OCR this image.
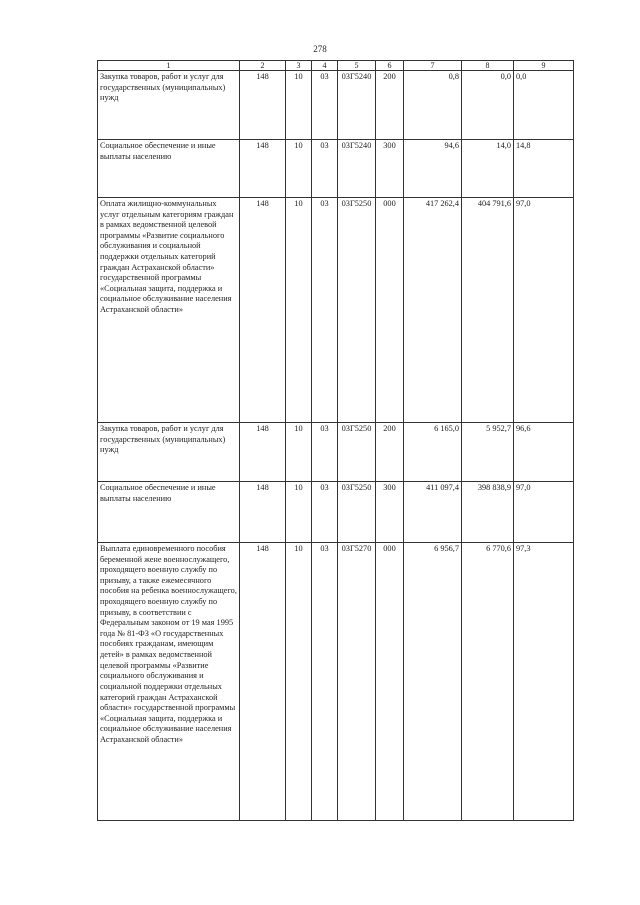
278
1	2	3	4	5	6	7	8	9
Закупка товаров, работ и услуг для государственных (муниципальных) нужд	148	10	03	03Г5240	200	0,8	0,0	0,0
Социальное обеспечение и иные выплаты населению	148	10	03	03Г5240	300	94,6	14,0	14,8
Оплата жилищно-коммунальных услуг отдельным категориям граждан в рамках ведомственной целевой программы «Развитие социального обслуживания и социальной поддержки отдельных категорий граждан Астраханской области» государственной программы «Социальная защита, поддержка и социальное обслуживание населения Астраханской области»	148	10	03	03Г5250	000	417 262,4	404 791,6	97,0
Закупка товаров, работ и услуг для государственных (муниципальных) нужд	148	10	03	03Г5250	200	6 165,0	5 952,7	96,6
Социальное обеспечение и иные выплаты населению	148	10	03	03Г5250	300	411 097,4	398 838,9	97,0
Выплата единовременного пособия беременной жене военнослужащего, проходящего военную службу по призыву, а также ежемесячного пособия на ребенка военнослужащего, проходящего военную службу по призыву, в соответствии с Федеральным законом от 19 мая 1995 года № 81-ФЗ «О государственных пособиях гражданам, имеющим детей» в рамках ведомственной целевой программы «Развитие социального обслуживания и социальной поддержки отдельных категорий граждан Астраханской области» государственной программы «Социальная защита, поддержка и социальное обслуживание населения Астраханской области»	148	10	03	03Г5270	000	6 956,7	6 770,6	97,3
